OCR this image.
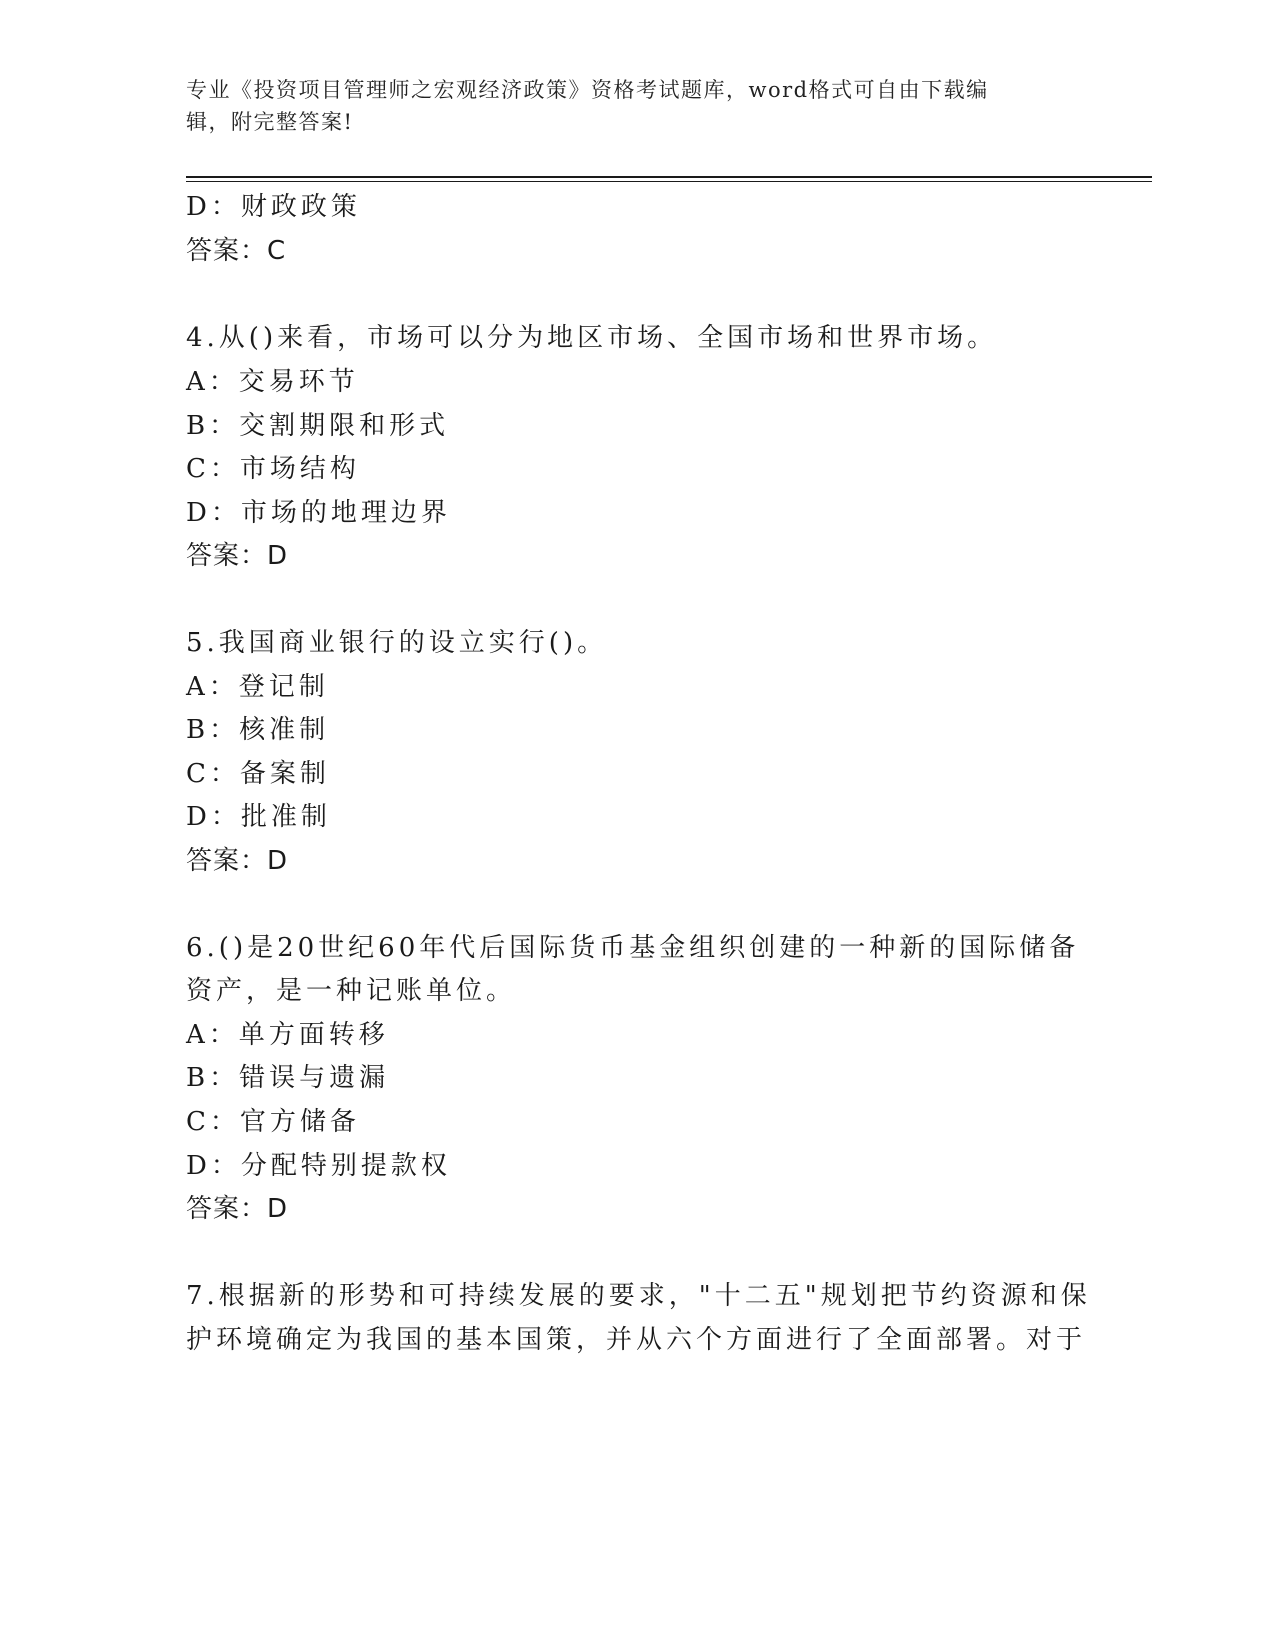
专业《投资项目管理师之宏观经济政策》资格考试题库，word格式可自由下载编
辑，附完整答案!
D：财政政策
答案：C
4.从()来看，市场可以分为地区市场、全国市场和世界市场。
A：交易环节
B：交割期限和形式
C：市场结构
D：市场的地理边界
答案：D
5.我国商业银行的设立实行()。
A：登记制
B：核准制
C：备案制
D：批准制
答案：D
6.()是20世纪60年代后国际货币基金组织创建的一种新的国际储备
资产，是一种记账单位。
A：单方面转移
B：错误与遗漏
C：官方储备
D：分配特别提款权
答案：D
7.根据新的形势和可持续发展的要求，"十二五"规划把节约资源和保
护环境确定为我国的基本国策，并从六个方面进行了全面部署。对于
